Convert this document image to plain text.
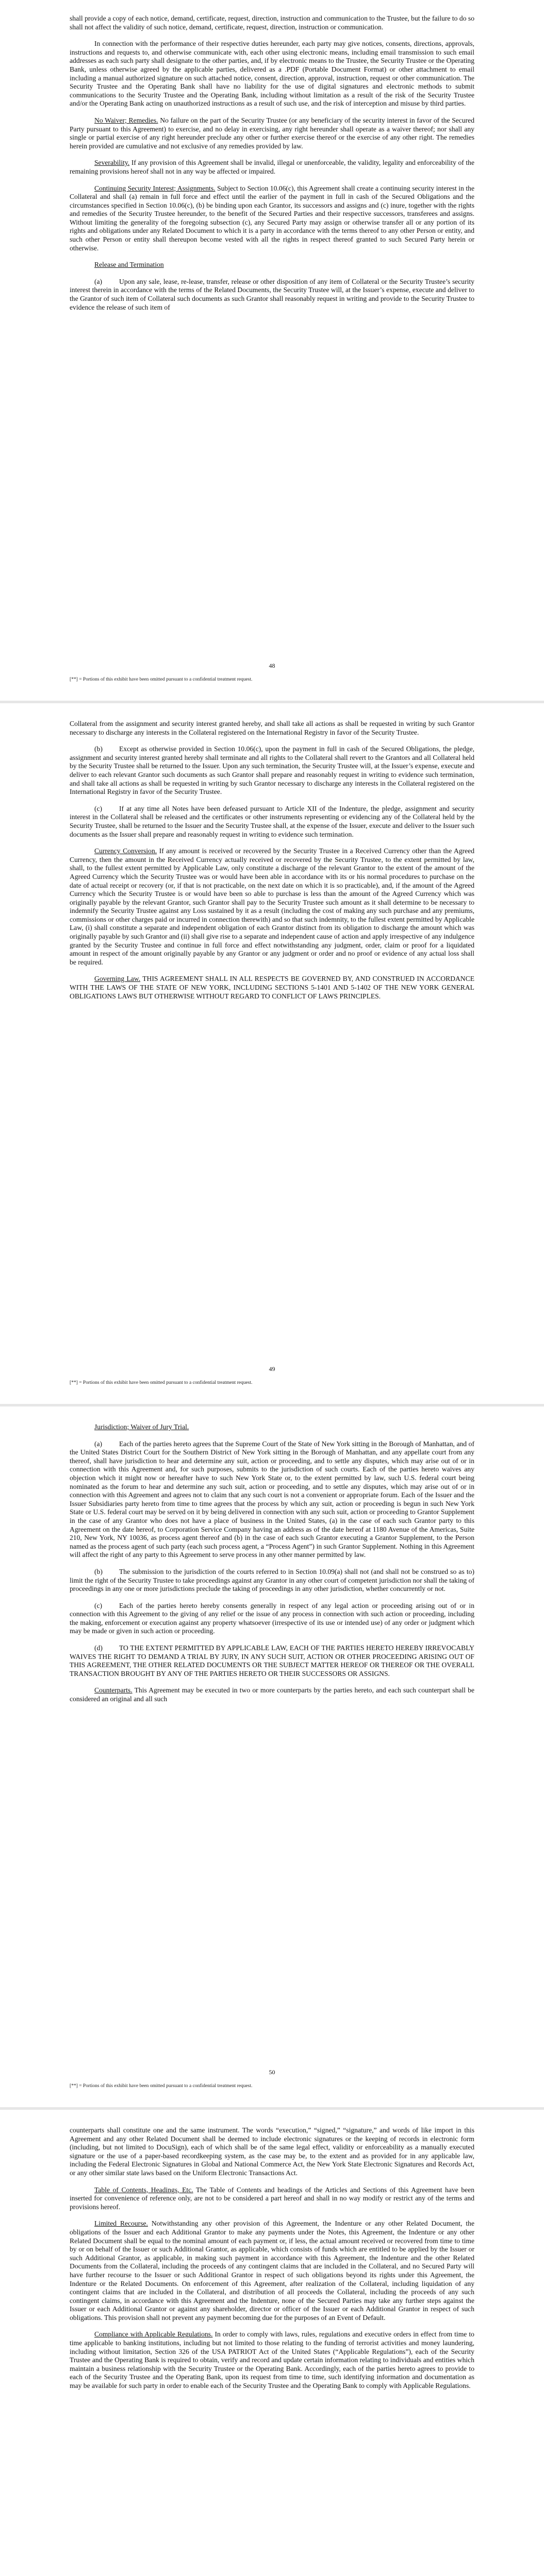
shall provide a copy of each notice, demand, certificate, request, direction, instruction and communication to the Trustee, but the failure to do so shall not affect the validity of such notice, demand, certificate, request, direction, instruction or communication.

In connection with the performance of their respective duties hereunder, each party may give notices, consents, directions, approvals, instructions and requests to, and otherwise communicate with, each other using electronic means, including email transmission to such email addresses as each such party shall designate to the other parties, and, if by electronic means to the Trustee, the Security Trustee or the Operating Bank, unless otherwise agreed by the applicable parties, delivered as a .PDF (Portable Document Format) or other attachment to email including a manual authorized signature on such attached notice, consent, direction, approval, instruction, request or other communication. The Security Trustee and the Operating Bank shall have no liability for the use of digital signatures and electronic methods to submit communications to the Security Trustee and the Operating Bank, including without limitation as a result of the risk of the Security Trustee and/or the Operating Bank acting on unauthorized instructions as a result of such use, and the risk of interception and misuse by third parties.

No Waiver; Remedies. No failure on the part of the Security Trustee (or any beneficiary of the security interest in favor of the Secured Party pursuant to this Agreement) to exercise, and no delay in exercising, any right hereunder shall operate as a waiver thereof; nor shall any single or partial exercise of any right hereunder preclude any other or further exercise thereof or the exercise of any other right. The remedies herein provided are cumulative and not exclusive of any remedies provided by law.

Severability. If any provision of this Agreement shall be invalid, illegal or unenforceable, the validity, legality and enforceability of the remaining provisions hereof shall not in any way be affected or impaired.

Continuing Security Interest; Assignments. Subject to Section 10.06(c), this Agreement shall create a continuing security interest in the Collateral and shall (a) remain in full force and effect until the earlier of the payment in full in cash of the Secured Obligations and the circumstances specified in Section 10.06(c), (b) be binding upon each Grantor, its successors and assigns and (c) inure, together with the rights and remedies of the Security Trustee hereunder, to the benefit of the Secured Parties and their respective successors, transferees and assigns. Without limiting the generality of the foregoing subsection (c), any Secured Party may assign or otherwise transfer all or any portion of its rights and obligations under any Related Document to which it is a party in accordance with the terms thereof to any other Person or entity, and such other Person or entity shall thereupon become vested with all the rights in respect thereof granted to such Secured Party herein or otherwise.

Release and Termination

(a) Upon any sale, lease, re-lease, transfer, release or other disposition of any item of Collateral or the Security Trustee’s security interest therein in accordance with the terms of the Related Documents, the Security Trustee will, at the Issuer’s expense, execute and deliver to the Grantor of such item of Collateral such documents as such Grantor shall reasonably request in writing and provide to the Security Trustee to evidence the release of such item of

48
[**] = Portions of this exhibit have been omitted pursuant to a confidential treatment request.

Collateral from the assignment and security interest granted hereby, and shall take all actions as shall be requested in writing by such Grantor necessary to discharge any interests in the Collateral registered on the International Registry in favor of the Security Trustee.

(b) Except as otherwise provided in Section 10.06(c), upon the payment in full in cash of the Secured Obligations, the pledge, assignment and security interest granted hereby shall terminate and all rights to the Collateral shall revert to the Grantors and all Collateral held by the Security Trustee shall be returned to the Issuer. Upon any such termination, the Security Trustee will, at the Issuer’s expense, execute and deliver to each relevant Grantor such documents as such Grantor shall prepare and reasonably request in writing to evidence such termination, and shall take all actions as shall be requested in writing by such Grantor necessary to discharge any interests in the Collateral registered on the International Registry in favor of the Security Trustee.

(c) If at any time all Notes have been defeased pursuant to Article XII of the Indenture, the pledge, assignment and security interest in the Collateral shall be released and the certificates or other instruments representing or evidencing any of the Collateral held by the Security Trustee, shall be returned to the Issuer and the Security Trustee shall, at the expense of the Issuer, execute and deliver to the Issuer such documents as the Issuer shall prepare and reasonably request in writing to evidence such termination.

Currency Conversion. If any amount is received or recovered by the Security Trustee in a Received Currency other than the Agreed Currency, then the amount in the Received Currency actually received or recovered by the Security Trustee, to the extent permitted by law, shall, to the fullest extent permitted by Applicable Law, only constitute a discharge of the relevant Grantor to the extent of the amount of the Agreed Currency which the Security Trustee was or would have been able in accordance with its or his normal procedures to purchase on the date of actual receipt or recovery (or, if that is not practicable, on the next date on which it is so practicable), and, if the amount of the Agreed Currency which the Security Trustee is or would have been so able to purchase is less than the amount of the Agreed Currency which was originally payable by the relevant Grantor, such Grantor shall pay to the Security Trustee such amount as it shall determine to be necessary to indemnify the Security Trustee against any Loss sustained by it as a result (including the cost of making any such purchase and any premiums, commissions or other charges paid or incurred in connection therewith) and so that such indemnity, to the fullest extent permitted by Applicable Law, (i) shall constitute a separate and independent obligation of each Grantor distinct from its obligation to discharge the amount which was originally payable by such Grantor and (ii) shall give rise to a separate and independent cause of action and apply irrespective of any indulgence granted by the Security Trustee and continue in full force and effect notwithstanding any judgment, order, claim or proof for a liquidated amount in respect of the amount originally payable by any Grantor or any judgment or order and no proof or evidence of any actual loss shall be required.

Governing Law. THIS AGREEMENT SHALL IN ALL RESPECTS BE GOVERNED BY, AND CONSTRUED IN ACCORDANCE WITH THE LAWS OF THE STATE OF NEW YORK, INCLUDING SECTIONS 5-1401 AND 5-1402 OF THE NEW YORK GENERAL OBLIGATIONS LAWS BUT OTHERWISE WITHOUT REGARD TO CONFLICT OF LAWS PRINCIPLES.

49
[**] = Portions of this exhibit have been omitted pursuant to a confidential treatment request.

Jurisdiction; Waiver of Jury Trial.

(a) Each of the parties hereto agrees that the Supreme Court of the State of New York sitting in the Borough of Manhattan, and of the United States District Court for the Southern District of New York sitting in the Borough of Manhattan, and any appellate court from any thereof, shall have jurisdiction to hear and determine any suit, action or proceeding, and to settle any disputes, which may arise out of or in connection with this Agreement and, for such purposes, submits to the jurisdiction of such courts. Each of the parties hereto waives any objection which it might now or hereafter have to such New York State or, to the extent permitted by law, such U.S. federal court being nominated as the forum to hear and determine any such suit, action or proceeding, and to settle any disputes, which may arise out of or in connection with this Agreement and agrees not to claim that any such court is not a convenient or appropriate forum. Each of the Issuer and the Issuer Subsidiaries party hereto from time to time agrees that the process by which any suit, action or proceeding is begun in such New York State or U.S. federal court may be served on it by being delivered in connection with any such suit, action or proceeding to Grantor Supplement in the case of any Grantor who does not have a place of business in the United States, (a) in the case of each such Grantor party to this Agreement on the date hereof, to Corporation Service Company having an address as of the date hereof at 1180 Avenue of the Americas, Suite 210, New York, NY 10036, as process agent thereof and (b) in the case of each such Grantor executing a Grantor Supplement, to the Person named as the process agent of such party (each such process agent, a “Process Agent”) in such Grantor Supplement. Nothing in this Agreement will affect the right of any party to this Agreement to serve process in any other manner permitted by law.

(b) The submission to the jurisdiction of the courts referred to in Section 10.09(a) shall not (and shall not be construed so as to) limit the right of the Security Trustee to take proceedings against any Grantor in any other court of competent jurisdiction nor shall the taking of proceedings in any one or more jurisdictions preclude the taking of proceedings in any other jurisdiction, whether concurrently or not.

(c) Each of the parties hereto hereby consents generally in respect of any legal action or proceeding arising out of or in connection with this Agreement to the giving of any relief or the issue of any process in connection with such action or proceeding, including the making, enforcement or execution against any property whatsoever (irrespective of its use or intended use) of any order or judgment which may be made or given in such action or proceeding.

(d) TO THE EXTENT PERMITTED BY APPLICABLE LAW, EACH OF THE PARTIES HERETO HEREBY IRREVOCABLY WAIVES THE RIGHT TO DEMAND A TRIAL BY JURY, IN ANY SUCH SUIT, ACTION OR OTHER PROCEEDING ARISING OUT OF THIS AGREEMENT, THE OTHER RELATED DOCUMENTS OR THE SUBJECT MATTER HEREOF OR THEREOF OR THE OVERALL TRANSACTION BROUGHT BY ANY OF THE PARTIES HERETO OR THEIR SUCCESSORS OR ASSIGNS.

Counterparts. This Agreement may be executed in two or more counterparts by the parties hereto, and each such counterpart shall be considered an original and all such

50
[**] = Portions of this exhibit have been omitted pursuant to a confidential treatment request.

counterparts shall constitute one and the same instrument. The words “execution,” “signed,” “signature,” and words of like import in this Agreement and any other Related Document shall be deemed to include electronic signatures or the keeping of records in electronic form (including, but not limited to DocuSign), each of which shall be of the same legal effect, validity or enforceability as a manually executed signature or the use of a paper-based recordkeeping system, as the case may be, to the extent and as provided for in any applicable law, including the Federal Electronic Signatures in Global and National Commerce Act, the New York State Electronic Signatures and Records Act, or any other similar state laws based on the Uniform Electronic Transactions Act.

Table of Contents, Headings, Etc. The Table of Contents and headings of the Articles and Sections of this Agreement have been inserted for convenience of reference only, are not to be considered a part hereof and shall in no way modify or restrict any of the terms and provisions hereof.

Limited Recourse. Notwithstanding any other provision of this Agreement, the Indenture or any other Related Document, the obligations of the Issuer and each Additional Grantor to make any payments under the Notes, this Agreement, the Indenture or any other Related Document shall be equal to the nominal amount of each payment or, if less, the actual amount received or recovered from time to time by or on behalf of the Issuer or such Additional Grantor, as applicable, which consists of funds which are entitled to be applied by the Issuer or such Additional Grantor, as applicable, in making such payment in accordance with this Agreement, the Indenture and the other Related Documents from the Collateral, including the proceeds of any contingent claims that are included in the Collateral, and no Secured Party will have further recourse to the Issuer or such Additional Grantor in respect of such obligations beyond its rights under this Agreement, the Indenture or the Related Documents. On enforcement of this Agreement, after realization of the Collateral, including liquidation of any contingent claims that are included in the Collateral, and distribution of all proceeds the Collateral, including the proceeds of any such contingent claims, in accordance with this Agreement and the Indenture, none of the Secured Parties may take any further steps against the Issuer or each Additional Grantor or against any shareholder, director or officer of the Issuer or each Additional Grantor in respect of such obligations. This provision shall not prevent any payment becoming due for the purposes of an Event of Default.

Compliance with Applicable Regulations. In order to comply with laws, rules, regulations and executive orders in effect from time to time applicable to banking institutions, including but not limited to those relating to the funding of terrorist activities and money laundering, including without limitation, Section 326 of the USA PATRIOT Act of the United States (“Applicable Regulations”), each of the Security Trustee and the Operating Bank is required to obtain, verify and record and update certain information relating to individuals and entities which maintain a business relationship with the Security Trustee or the Operating Bank. Accordingly, each of the parties hereto agrees to provide to each of the Security Trustee and the Operating Bank, upon its request from time to time, such identifying information and documentation as may be available for such party in order to enable each of the Security Trustee and the Operating Bank to comply with Applicable Regulations.
